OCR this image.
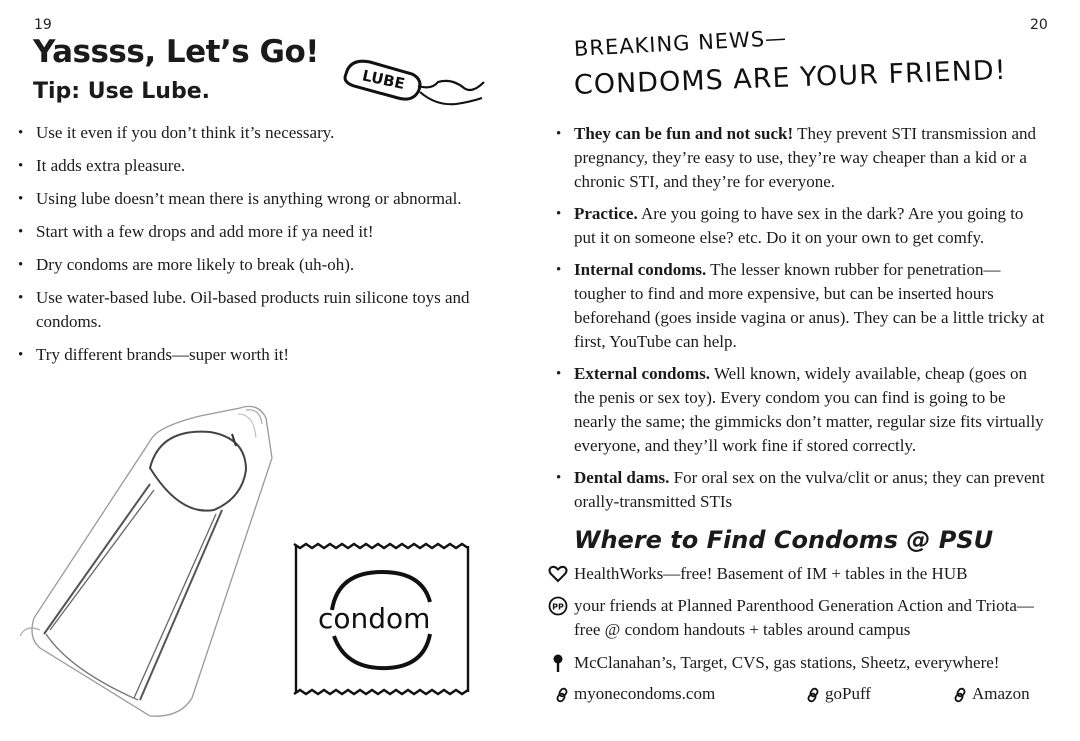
19
Yassss, Let’s Go!
Tip: Use Lube.	LUBE
• Use it even if you don’t think it’s necessary.
• It adds extra pleasure.
• Using lube doesn’t mean there is anything wrong or abnormal.
• Start with a few drops and add more if ya need it!
• Dry condoms are more likely to break (uh-oh).
• Use water-based lube. Oil-based products ruin silicone toys and condoms.
• Try different brands—super worth it!
condom
20
BREAKING NEWS—
CONDOMS ARE YOUR FRIEND!
• They can be fun and not suck! They prevent STI transmission and pregnancy, they’re easy to use, they’re way cheaper than a kid or a chronic STI, and they’re for everyone.
• Practice. Are you going to have sex in the dark? Are you going to put it on someone else? etc. Do it on your own to get comfy.
• Internal condoms. The lesser known rubber for penetration—tougher to find and more expensive, but can be inserted hours beforehand (goes inside vagina or anus). They can be a little tricky at first, YouTube can help.
• External condoms. Well known, widely available, cheap (goes on the penis or sex toy). Every condom you can find is going to be nearly the same; the gimmicks don’t matter, regular size fits virtually everyone, and they’ll work fine if stored correctly.
• Dental dams. For oral sex on the vulva/clit or anus; they can prevent orally-transmitted STIs
Where to Find Condoms @ PSU
HealthWorks—free! Basement of IM + tables in the HUB
PP your friends at Planned Parenthood Generation Action and Triota—free @ condom handouts + tables around campus
McClanahan’s, Target, CVS, gas stations, Sheetz, everywhere!
myonecondoms.com	goPuff	Amazon
